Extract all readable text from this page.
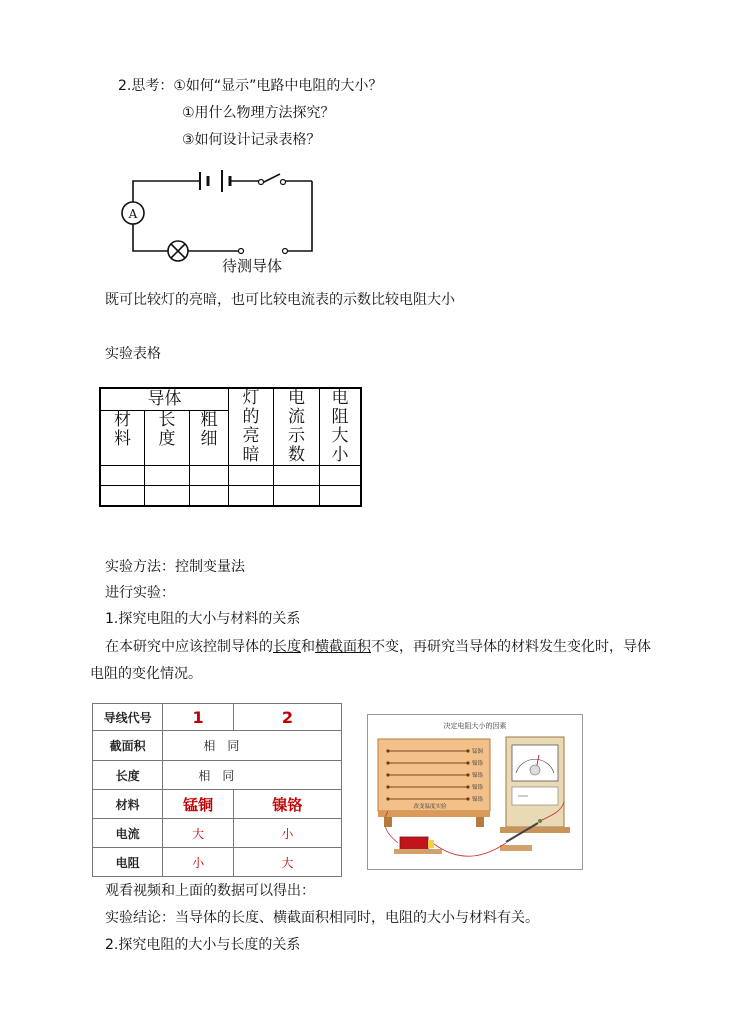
2.思考：①如何“显示”电路中电阻的大小？
①用什么物理方法探究？
③如何设计记录表格？
A
待测导体
既可比较灯的亮暗，也可比较电流表的示数比较电阻大小
实验表格
导体			灯的亮暗	电流示数	电阻大小

材料	长度	粗细			

实验方法：控制变量法
进行实验：
1.探究电阻的大小与材料的关系
在本研究中应该控制导体的长度和横截面积不变，再研究当导体的材料发生变化时，导体
电阻的变化情况。
导线代号	1	2
截面积	相　同	
长度	相　同	
材料	锰铜	镍铬
电流	大	小
电阻	小	大
决定电阻大小的因素
锰铜
镍铬
镍铬
镍铬
镍铬
改变温度实验
观看视频和上面的数据可以得出：
实验结论：当导体的长度、横截面积相同时，电阻的大小与材料有关。
2.探究电阻的大小与长度的关系
